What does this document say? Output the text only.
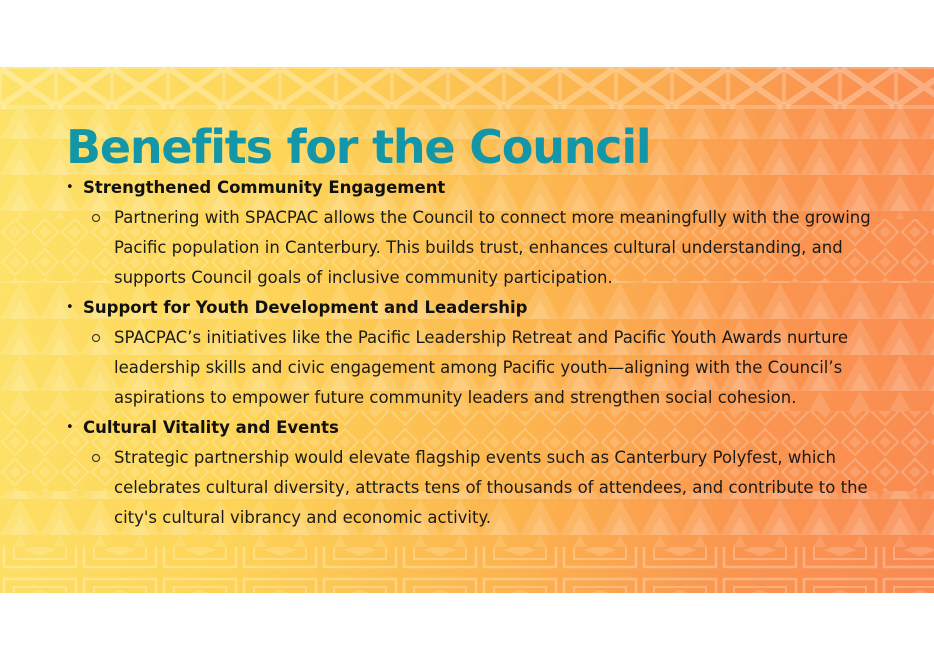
Benefits for the Council
• Strengthened Community Engagement

Partnering with SPACPAC allows the Council to connect more meaningfully with the growing Pacific population in Canterbury. This builds trust, enhances cultural understanding, and supports Council goals of inclusive community participation.

• Support for Youth Development and Leadership

SPACPAC’s initiatives like the Pacific Leadership Retreat and Pacific Youth Awards nurture leadership skills and civic engagement among Pacific youth—aligning with the Council’s aspirations to empower future community leaders and strengthen social cohesion.

• Cultural Vitality and Events

Strategic partnership would elevate flagship events such as Canterbury Polyfest, which celebrates cultural diversity, attracts tens of thousands of attendees, and contribute to the city's cultural vibrancy and economic activity.
